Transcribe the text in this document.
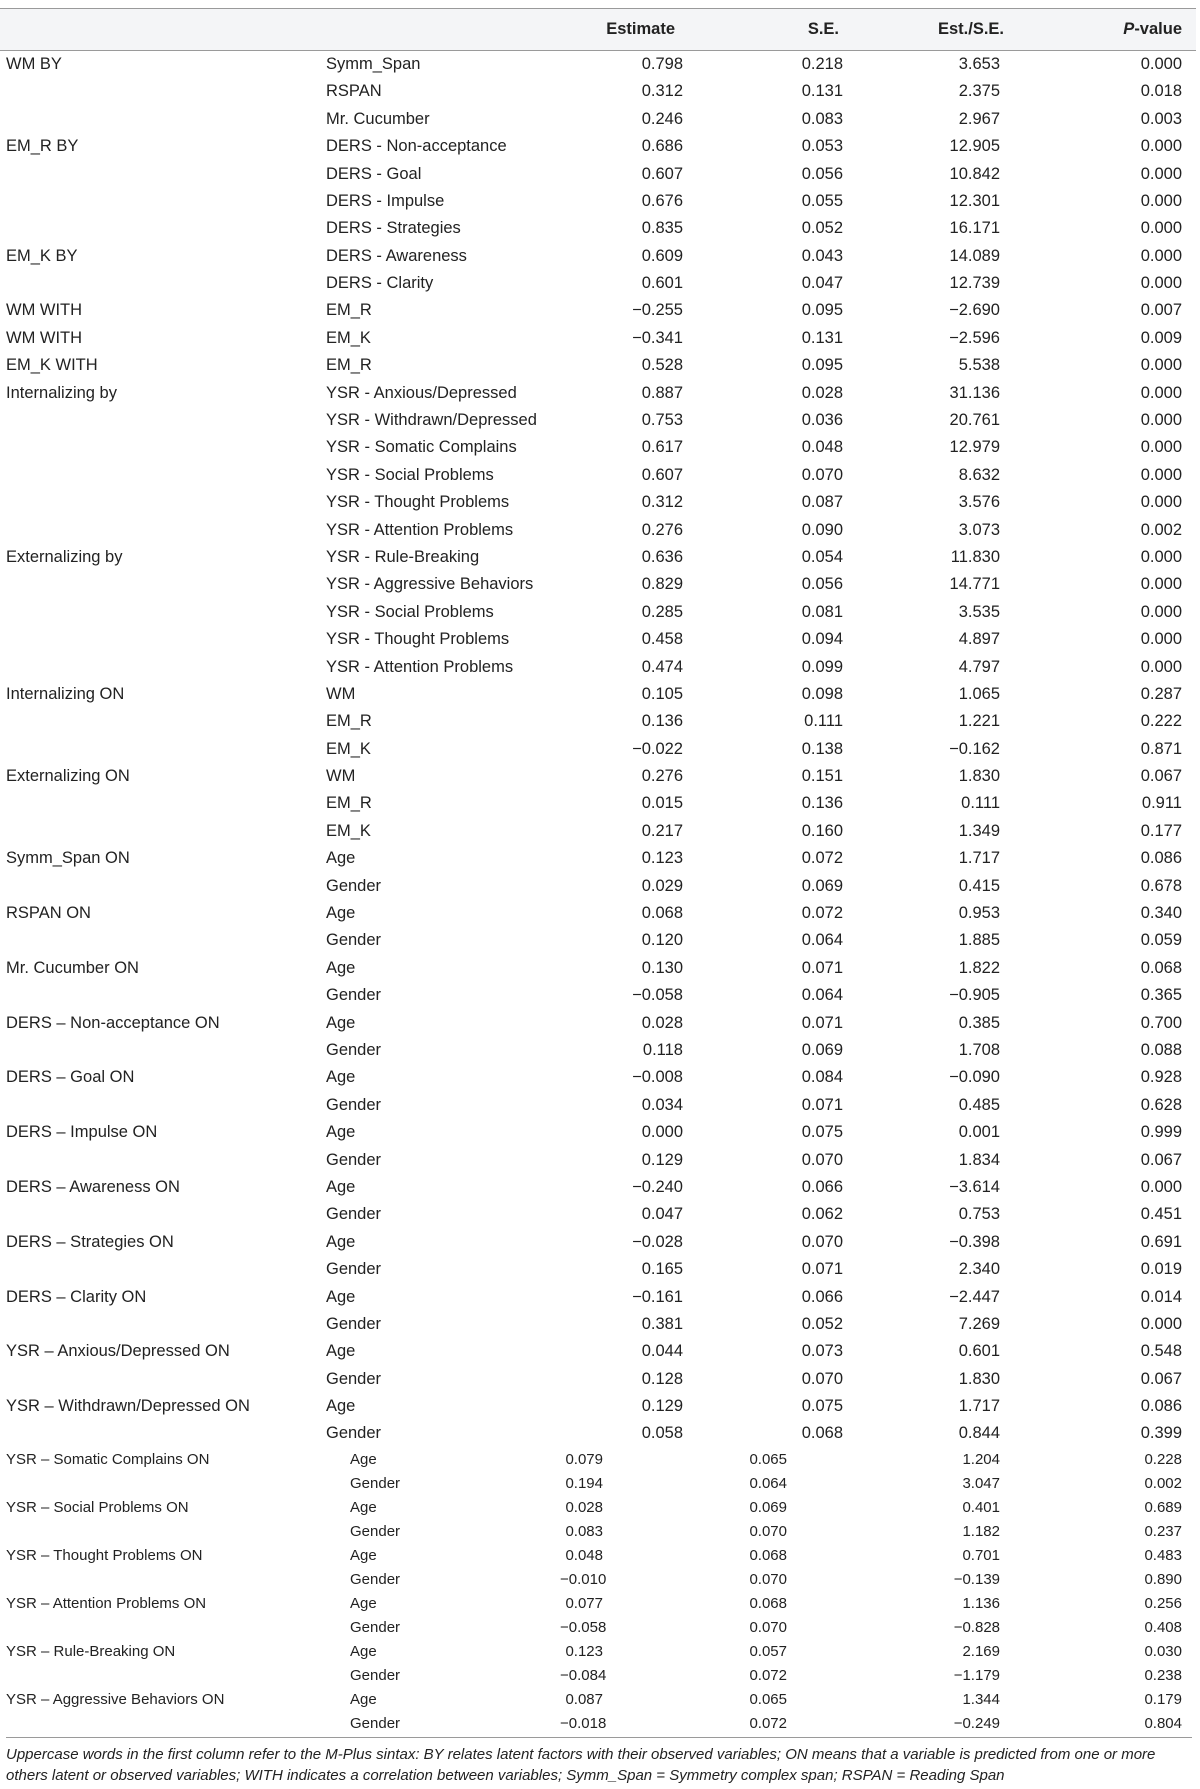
		Estimate	S.E.	Est./S.E.	P-value
WM BY	Symm_Span	0.798	0.218	3.653	0.000
	RSPAN	0.312	0.131	2.375	0.018
	Mr. Cucumber	0.246	0.083	2.967	0.003
EM_R BY	DERS - Non-acceptance	0.686	0.053	12.905	0.000
	DERS - Goal	0.607	0.056	10.842	0.000
	DERS - Impulse	0.676	0.055	12.301	0.000
	DERS - Strategies	0.835	0.052	16.171	0.000
EM_K BY	DERS - Awareness	0.609	0.043	14.089	0.000
	DERS - Clarity	0.601	0.047	12.739	0.000
WM WITH	EM_R	−0.255	0.095	−2.690	0.007
WM WITH	EM_K	−0.341	0.131	−2.596	0.009
EM_K WITH	EM_R	0.528	0.095	5.538	0.000
Internalizing by	YSR - Anxious/Depressed	0.887	0.028	31.136	0.000
	YSR - Withdrawn/Depressed	0.753	0.036	20.761	0.000
	YSR - Somatic Complains	0.617	0.048	12.979	0.000
	YSR - Social Problems	0.607	0.070	8.632	0.000
	YSR - Thought Problems	0.312	0.087	3.576	0.000
	YSR - Attention Problems	0.276	0.090	3.073	0.002
Externalizing by	YSR - Rule-Breaking	0.636	0.054	11.830	0.000
	YSR - Aggressive Behaviors	0.829	0.056	14.771	0.000
	YSR - Social Problems	0.285	0.081	3.535	0.000
	YSR - Thought Problems	0.458	0.094	4.897	0.000
	YSR - Attention Problems	0.474	0.099	4.797	0.000
Internalizing ON	WM	0.105	0.098	1.065	0.287
	EM_R	0.136	0.111	1.221	0.222
	EM_K	−0.022	0.138	−0.162	0.871
Externalizing ON	WM	0.276	0.151	1.830	0.067
	EM_R	0.015	0.136	0.111	0.911
	EM_K	0.217	0.160	1.349	0.177
Symm_Span ON	Age	0.123	0.072	1.717	0.086
	Gender	0.029	0.069	0.415	0.678
RSPAN ON	Age	0.068	0.072	0.953	0.340
	Gender	0.120	0.064	1.885	0.059
Mr. Cucumber ON	Age	0.130	0.071	1.822	0.068
	Gender	−0.058	0.064	−0.905	0.365
DERS – Non-acceptance ON	Age	0.028	0.071	0.385	0.700
	Gender	0.118	0.069	1.708	0.088
DERS – Goal ON	Age	−0.008	0.084	−0.090	0.928
	Gender	0.034	0.071	0.485	0.628
DERS – Impulse ON	Age	0.000	0.075	0.001	0.999
	Gender	0.129	0.070	1.834	0.067
DERS – Awareness ON	Age	−0.240	0.066	−3.614	0.000
	Gender	0.047	0.062	0.753	0.451
DERS – Strategies ON	Age	−0.028	0.070	−0.398	0.691
	Gender	0.165	0.071	2.340	0.019
DERS – Clarity ON	Age	−0.161	0.066	−2.447	0.014
	Gender	0.381	0.052	7.269	0.000
YSR – Anxious/Depressed ON	Age	0.044	0.073	0.601	0.548
	Gender	0.128	0.070	1.830	0.067
YSR – Withdrawn/Depressed ON	Age	0.129	0.075	1.717	0.086
	Gender	0.058	0.068	0.844	0.399
YSR – Somatic Complains ON	Age	0.079	0.065	1.204	0.228
	Gender	0.194	0.064	3.047	0.002
YSR – Social Problems ON	Age	0.028	0.069	0.401	0.689
	Gender	0.083	0.070	1.182	0.237
YSR – Thought Problems ON	Age	0.048	0.068	0.701	0.483
	Gender	−0.010	0.070	−0.139	0.890
YSR – Attention Problems ON	Age	0.077	0.068	1.136	0.256
	Gender	−0.058	0.070	−0.828	0.408
YSR – Rule-Breaking ON	Age	0.123	0.057	2.169	0.030
	Gender	−0.084	0.072	−1.179	0.238
YSR – Aggressive Behaviors ON	Age	0.087	0.065	1.344	0.179
	Gender	−0.018	0.072	−0.249	0.804
Uppercase words in the first column refer to the M-Plus sintax: BY relates latent factors with their observed variables; ON means that a variable is predicted from one or more others latent or observed variables; WITH indicates a correlation between variables; Symm_Span = Symmetry complex span; RSPAN = Reading Span
